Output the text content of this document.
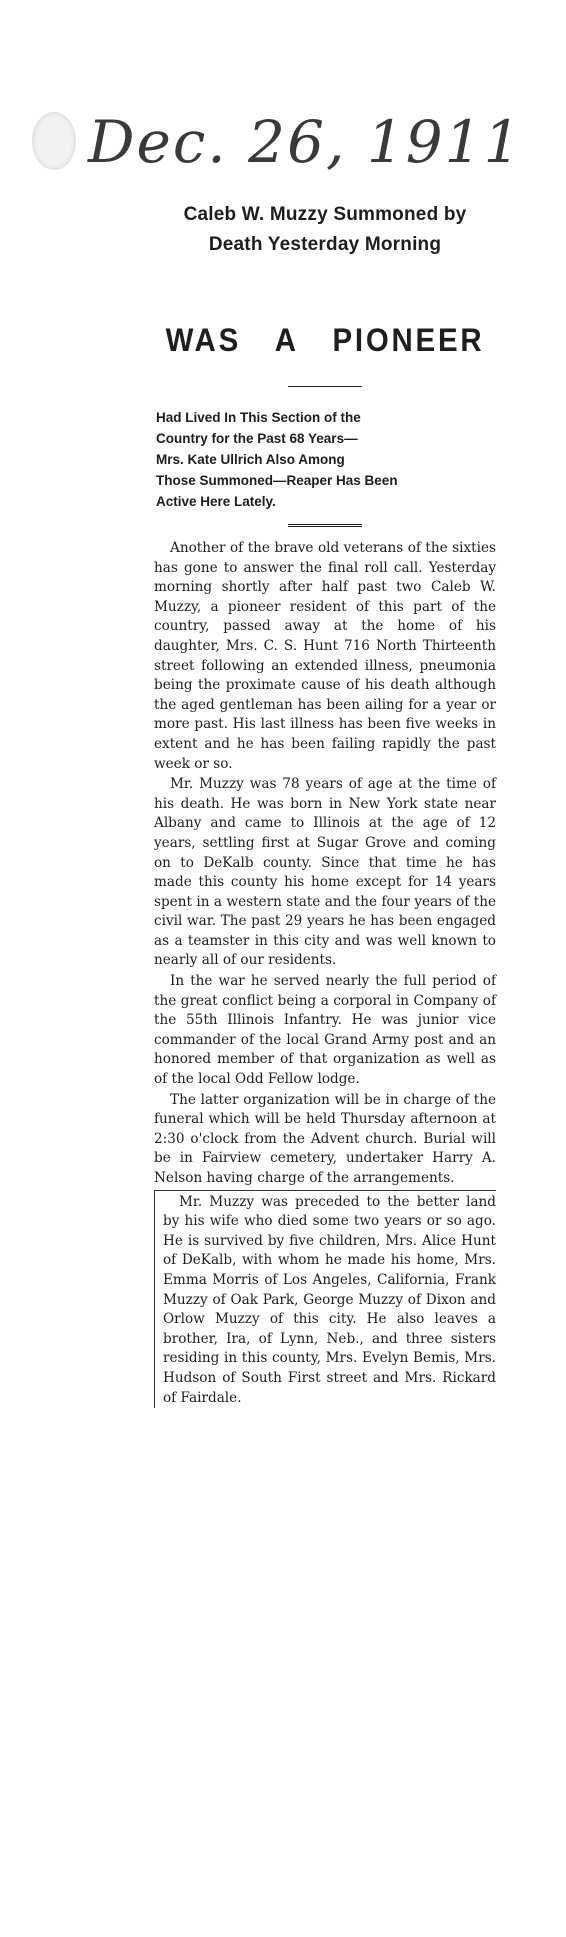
Dec. 26, 1911
Caleb W. Muzzy Summoned by
Death Yesterday Morning
WAS A PIONEER
Had Lived In This Section of the
Country for the Past 68 Years—
Mrs. Kate Ullrich Also Among
Those Summoned—Reaper Has Been
Active Here Lately.

Another of the brave old veterans of the sixties has gone to answer the final roll call. Yesterday morning shortly after half past two Caleb W. Muzzy, a pioneer resident of this part of the country, passed away at the home of his daughter, Mrs. C. S. Hunt 716 North Thirteenth street following an extended illness, pneumonia being the proximate cause of his death although the aged gentleman has been ailing for a year or more past. His last illness has been five weeks in extent and he has been failing rapidly the past week or so.

Mr. Muzzy was 78 years of age at the time of his death. He was born in New York state near Albany and came to Illinois at the age of 12 years, settling first at Sugar Grove and coming on to DeKalb county. Since that time he has made this county his home except for 14 years spent in a western state and the four years of the civil war. The past 29 years he has been engaged as a teamster in this city and was well known to nearly all of our residents.

In the war he served nearly the full period of the great conflict being a corporal in Company of the 55th Illinois Infantry. He was junior vice commander of the local Grand Army post and an honored member of that organization as well as of the local Odd Fellow lodge.

The latter organization will be in charge of the funeral which will be held Thursday afternoon at 2:30 o'clock from the Advent church. Burial will be in Fairview cemetery, undertaker Harry A. Nelson having charge of the arrangements.

Mr. Muzzy was preceded to the better land by his wife who died some two years or so ago. He is survived by five children, Mrs. Alice Hunt of DeKalb, with whom he made his home, Mrs. Emma Morris of Los Angeles, California, Frank Muzzy of Oak Park, George Muzzy of Dixon and Orlow Muzzy of this city. He also leaves a brother, Ira, of Lynn, Neb., and three sisters residing in this county, Mrs. Evelyn Bemis, Mrs. Hudson of South First street and Mrs. Rickard of Fairdale.
